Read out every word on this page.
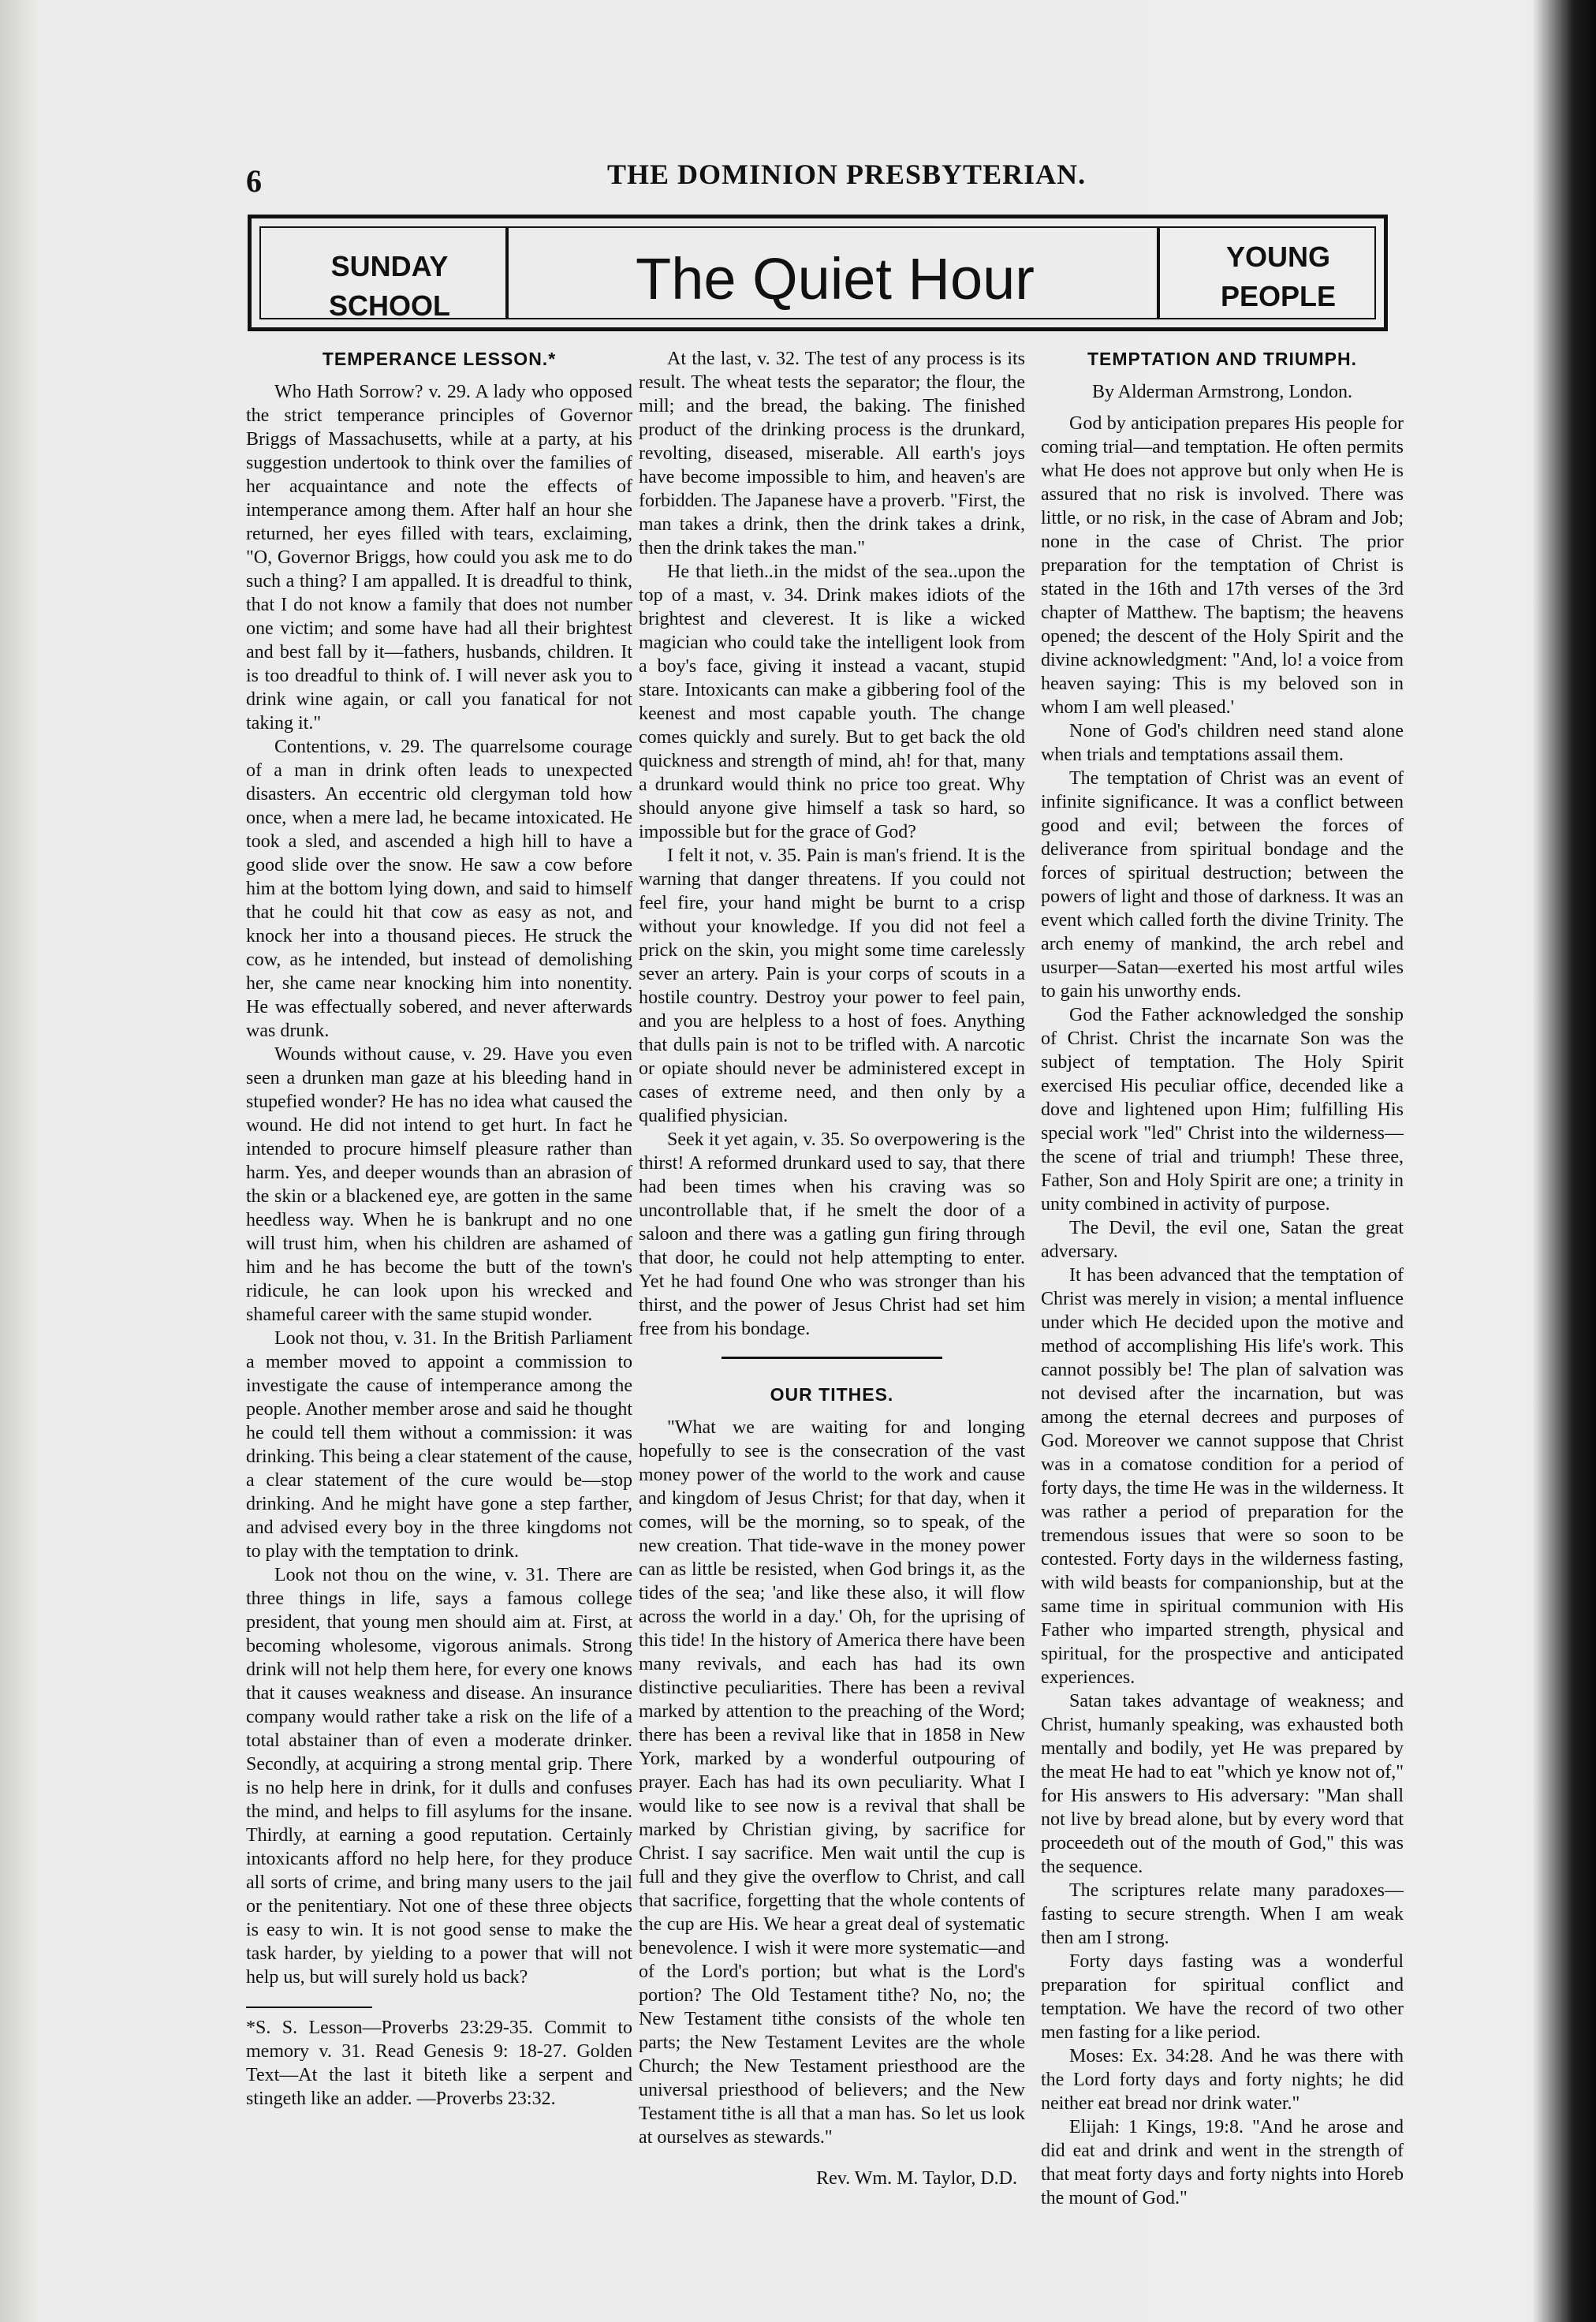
6	THE DOMINION PRESBYTERIAN.
SUNDAY
SCHOOL	The Quiet Hour	YOUNG
PEOPLE
TEMPERANCE LESSON.*

Who Hath Sorrow? v. 29. A lady who opposed the strict temperance principles of Governor Briggs of Massachusetts, while at a party, at his suggestion undertook to think over the families of her acquaintance and note the effects of intemperance among them. After half an hour she returned, her eyes filled with tears, exclaiming, "O, Governor Briggs, how could you ask me to do such a thing? I am appalled. It is dreadful to think, that I do not know a family that does not number one victim; and some have had all their brightest and best fall by it—fathers, husbands, children. It is too dreadful to think of. I will never ask you to drink wine again, or call you fanatical for not taking it."

Contentions, v. 29. The quarrelsome courage of a man in drink often leads to unexpected disasters. An eccentric old clergyman told how once, when a mere lad, he became intoxicated. He took a sled, and ascended a high hill to have a good slide over the snow. He saw a cow before him at the bottom lying down, and said to himself that he could hit that cow as easy as not, and knock her into a thousand pieces. He struck the cow, as he intended, but instead of demolishing her, she came near knocking him into nonentity. He was effectually sobered, and never afterwards was drunk.

Wounds without cause, v. 29. Have you even seen a drunken man gaze at his bleeding hand in stupefied wonder? He has no idea what caused the wound. He did not intend to get hurt. In fact he intended to procure himself pleasure rather than harm. Yes, and deeper wounds than an abrasion of the skin or a blackened eye, are gotten in the same heedless way. When he is bankrupt and no one will trust him, when his children are ashamed of him and he has become the butt of the town's ridicule, he can look upon his wrecked and shameful career with the same stupid wonder.

Look not thou, v. 31. In the British Parliament a member moved to appoint a commission to investigate the cause of intemperance among the people. Another member arose and said he thought he could tell them without a commission: it was drinking. This being a clear statement of the cause, a clear statement of the cure would be—stop drinking. And he might have gone a step farther, and advised every boy in the three kingdoms not to play with the temptation to drink.

Look not thou on the wine, v. 31. There are three things in life, says a famous college president, that young men should aim at. First, at becoming wholesome, vigorous animals. Strong drink will not help them here, for every one knows that it causes weakness and disease. An insurance company would rather take a risk on the life of a total abstainer than of even a moderate drinker. Secondly, at acquiring a strong mental grip. There is no help here in drink, for it dulls and confuses the mind, and helps to fill asylums for the insane. Thirdly, at earning a good reputation. Certainly intoxicants afford no help here, for they produce all sorts of crime, and bring many users to the jail or the penitentiary. Not one of these three objects is easy to win. It is not good sense to make the task harder, by yielding to a power that will not help us, but will surely hold us back?

*S. S. Lesson—Proverbs 23:29-35. Commit to memory v. 31. Read Genesis 9: 18-27. Golden Text—At the last it biteth like a serpent and stingeth like an adder. —Proverbs 23:32.

At the last, v. 32. The test of any process is its result. The wheat tests the separator; the flour, the mill; and the bread, the baking. The finished product of the drinking process is the drunkard, revolting, diseased, miserable. All earth's joys have become impossible to him, and heaven's are forbidden. The Japanese have a proverb. "First, the man takes a drink, then the drink takes a drink, then the drink takes the man."

He that lieth..in the midst of the sea..upon the top of a mast, v. 34. Drink makes idiots of the brightest and cleverest. It is like a wicked magician who could take the intelligent look from a boy's face, giving it instead a vacant, stupid stare. Intoxicants can make a gibbering fool of the keenest and most capable youth. The change comes quickly and surely. But to get back the old quickness and strength of mind, ah! for that, many a drunkard would think no price too great. Why should anyone give himself a task so hard, so impossible but for the grace of God?

I felt it not, v. 35. Pain is man's friend. It is the warning that danger threatens. If you could not feel fire, your hand might be burnt to a crisp without your knowledge. If you did not feel a prick on the skin, you might some time carelessly sever an artery. Pain is your corps of scouts in a hostile country. Destroy your power to feel pain, and you are helpless to a host of foes. Anything that dulls pain is not to be trifled with. A narcotic or opiate should never be administered except in cases of extreme need, and then only by a qualified physician.

Seek it yet again, v. 35. So overpowering is the thirst! A reformed drunkard used to say, that there had been times when his craving was so uncontrollable that, if he smelt the door of a saloon and there was a gatling gun firing through that door, he could not help attempting to enter. Yet he had found One who was stronger than his thirst, and the power of Jesus Christ had set him free from his bondage.

OUR TITHES.

"What we are waiting for and longing hopefully to see is the consecration of the vast money power of the world to the work and cause and kingdom of Jesus Christ; for that day, when it comes, will be the morning, so to speak, of the new creation. That tide-wave in the money power can as little be resisted, when God brings it, as the tides of the sea; 'and like these also, it will flow across the world in a day.' Oh, for the uprising of this tide! In the history of America there have been many revivals, and each has had its own distinctive peculiarities. There has been a revival marked by attention to the preaching of the Word; there has been a revival like that in 1858 in New York, marked by a wonderful outpouring of prayer. Each has had its own peculiarity. What I would like to see now is a revival that shall be marked by Christian giving, by sacrifice for Christ. I say sacrifice. Men wait until the cup is full and they give the overflow to Christ, and call that sacrifice, forgetting that the whole contents of the cup are His. We hear a great deal of systematic benevolence. I wish it were more systematic—and of the Lord's portion; but what is the Lord's portion? The Old Testament tithe? No, no; the New Testament tithe consists of the whole ten parts; the New Testament Levites are the whole Church; the New Testament priesthood are the universal priesthood of believers; and the New Testament tithe is all that a man has. So let us look at ourselves as stewards."

Rev. Wm. M. Taylor, D.D.
TEMPTATION AND TRIUMPH.
By Alderman Armstrong, London.

God by anticipation prepares His people for coming trial—and temptation. He often permits what He does not approve but only when He is assured that no risk is involved. There was little, or no risk, in the case of Abram and Job; none in the case of Christ. The prior preparation for the temptation of Christ is stated in the 16th and 17th verses of the 3rd chapter of Matthew. The baptism; the heavens opened; the descent of the Holy Spirit and the divine acknowledgment: "And, lo! a voice from heaven saying: This is my beloved son in whom I am well pleased.'

None of God's children need stand alone when trials and temptations assail them.

The temptation of Christ was an event of infinite significance. It was a conflict between good and evil; between the forces of deliverance from spiritual bondage and the forces of spiritual destruction; between the powers of light and those of darkness. It was an event which called forth the divine Trinity. The arch enemy of mankind, the arch rebel and usurper—Satan—exerted his most artful wiles to gain his unworthy ends.

God the Father acknowledged the sonship of Christ. Christ the incarnate Son was the subject of temptation. The Holy Spirit exercised His peculiar office, decended like a dove and lightened upon Him; fulfilling His special work "led" Christ into the wilderness—the scene of trial and triumph! These three, Father, Son and Holy Spirit are one; a trinity in unity combined in activity of purpose.

The Devil, the evil one, Satan the great adversary.

It has been advanced that the temptation of Christ was merely in vision; a mental influence under which He decided upon the motive and method of accomplishing His life's work. This cannot possibly be! The plan of salvation was not devised after the incarnation, but was among the eternal decrees and purposes of God. Moreover we cannot suppose that Christ was in a comatose condition for a period of forty days, the time He was in the wilderness. It was rather a period of preparation for the tremendous issues that were so soon to be contested. Forty days in the wilderness fasting, with wild beasts for companionship, but at the same time in spiritual communion with His Father who imparted strength, physical and spiritual, for the prospective and anticipated experiences.

Satan takes advantage of weakness; and Christ, humanly speaking, was exhausted both mentally and bodily, yet He was prepared by the meat He had to eat "which ye know not of," for His answers to His adversary: "Man shall not live by bread alone, but by every word that proceedeth out of the mouth of God," this was the sequence.

The scriptures relate many paradoxes—fasting to secure strength. When I am weak then am I strong.

Forty days fasting was a wonderful preparation for spiritual conflict and temptation. We have the record of two other men fasting for a like period.

Moses: Ex. 34:28. And he was there with the Lord forty days and forty nights; he did neither eat bread nor drink water."

Elijah: 1 Kings, 19:8. "And he arose and did eat and drink and went in the strength of that meat forty days and forty nights into Horeb the mount of God."
